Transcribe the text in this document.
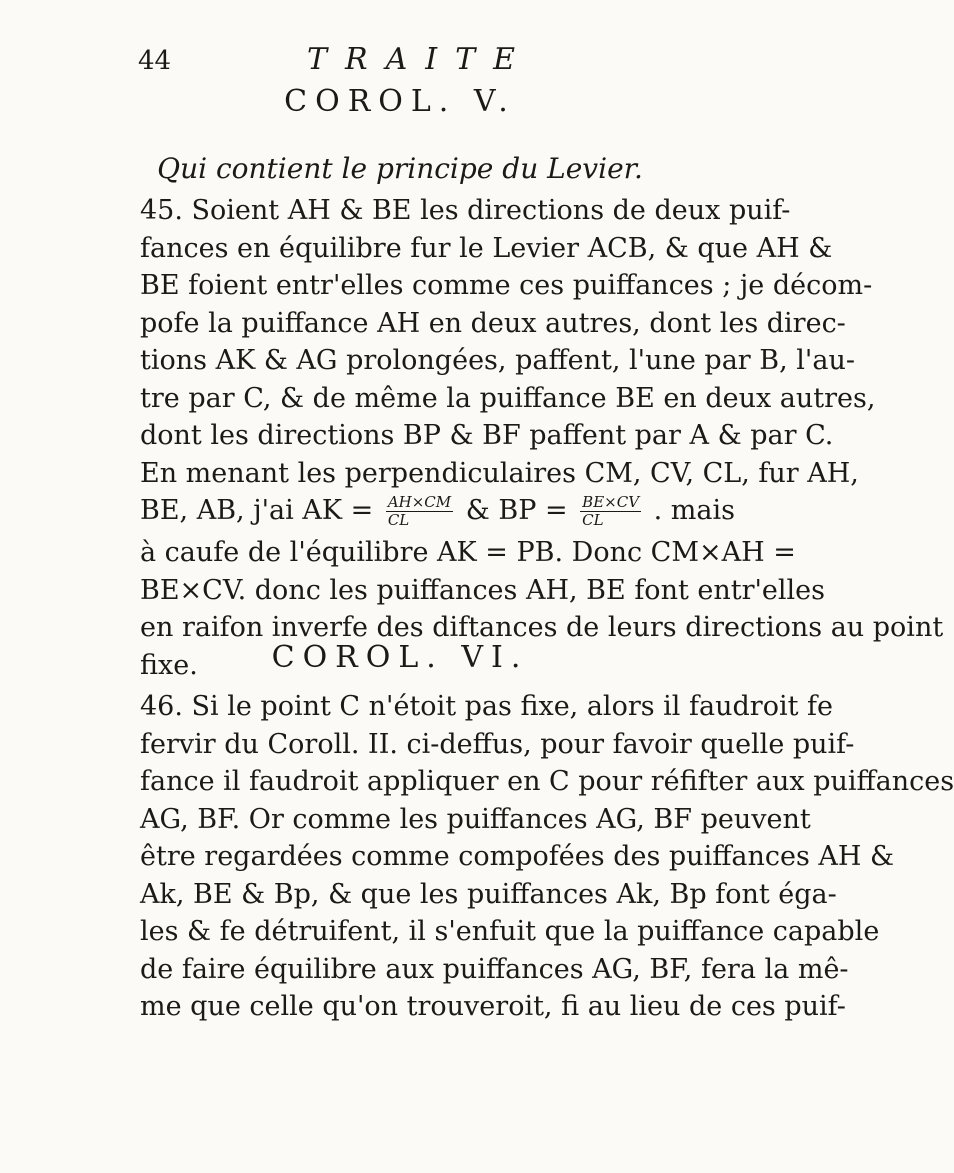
44	TRAITE
COROL. V.
Qui contient le principe du Levier.
45. Soient AH & BE les directions de deux puif-
fances en équilibre fur le Levier ACB, & que AH &
BE foient entr'elles comme ces puiffances ; je décom-
pofe la puiffance AH en deux autres, dont les direc-
tions AK & AG prolongées, paffent, l'une par B, l'au-
tre par C, & de même la puiffance BE en deux autres,
dont les directions BP & BF paffent par A & par C.
En menant les perpendiculaires CM, CV, CL, fur AH,
BE, AB, j'ai AK = $\frac{AH\times CM}{CL}$ & BP = $\frac{BE\times CV}{CL}$ . mais
à caufe de l'équilibre AK = PB. Donc CM×AH =
BE×CV. donc les puiffances AH, BE font entr'elles
en raifon inverfe des diftances de leurs directions au point
fixe.	COROL. VI.
46. Si le point C n'étoit pas fixe, alors il faudroit fe
fervir du Coroll. II. ci-deffus, pour favoir quelle puif-
fance il faudroit appliquer en C pour réfifter aux puiffances
AG, BF. Or comme les puiffances AG, BF peuvent
être regardées comme compofées des puiffances AH &
Ak, BE & Bp, & que les puiffances Ak, Bp font éga-
les & fe détruifent, il s'enfuit que la puiffance capable
de faire équilibre aux puiffances AG, BF, fera la mê-
me que celle qu'on trouveroit, fi au lieu de ces puif-
